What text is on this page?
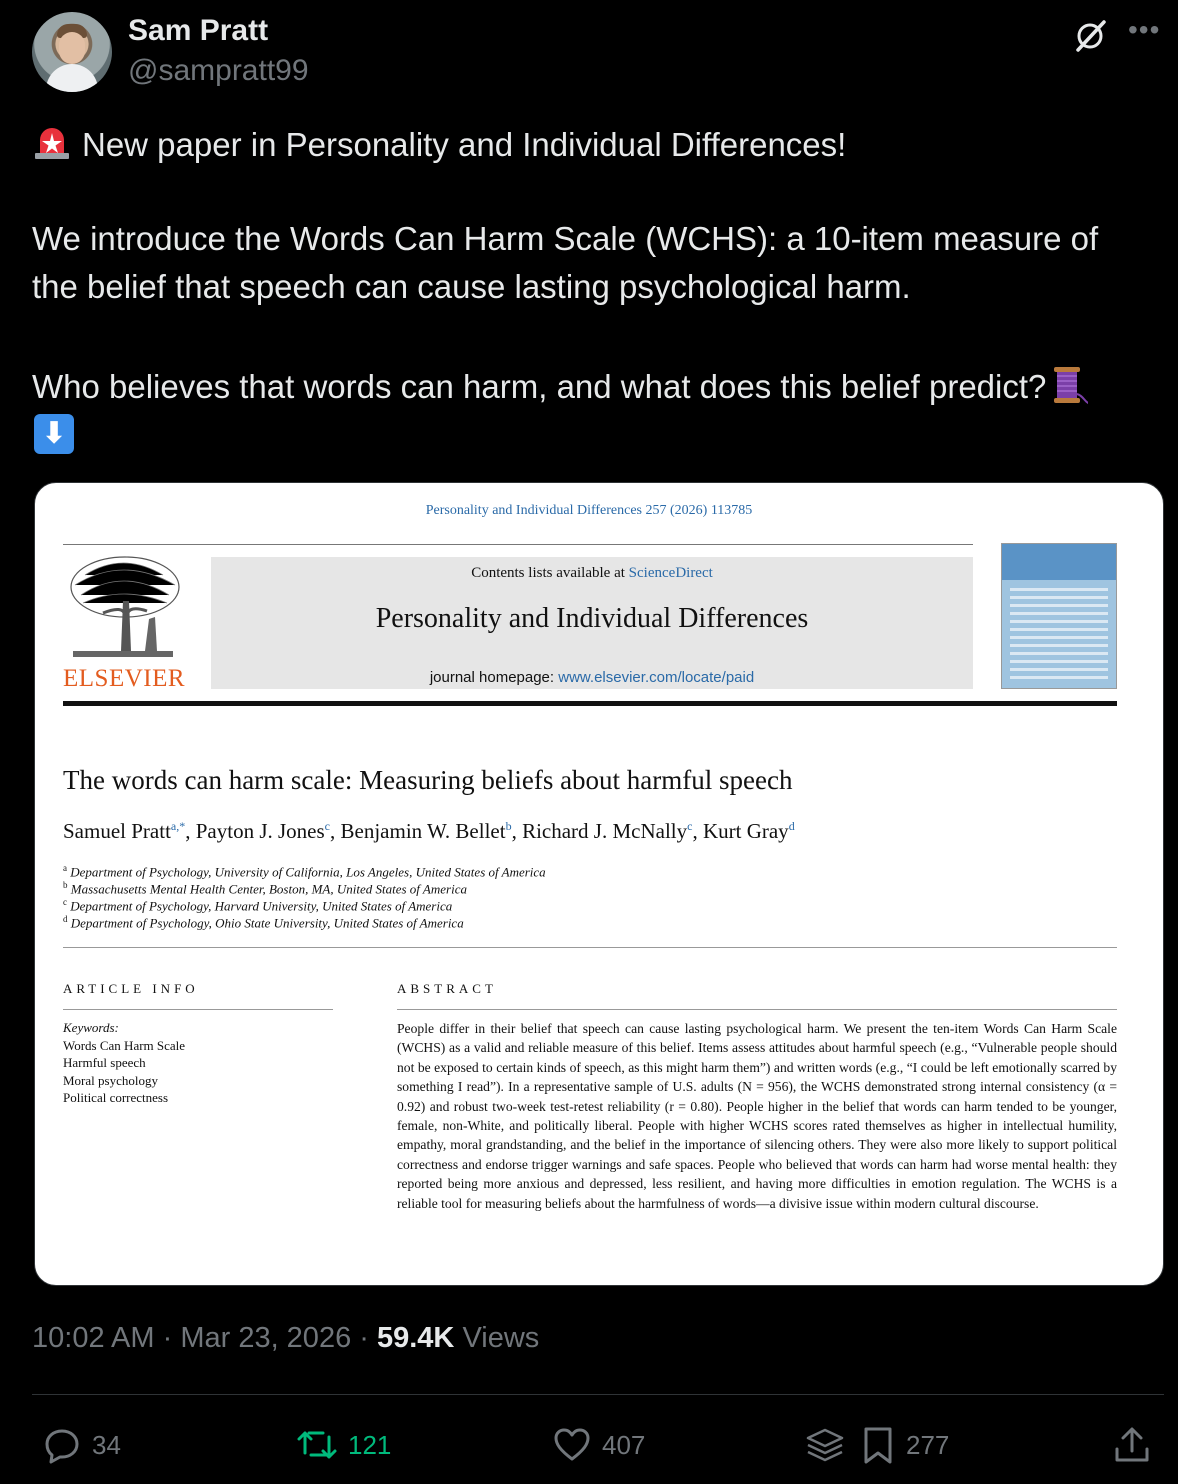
Sam Pratt
@sampratt99
•••
New paper in Personality and Individual Differences!
We introduce the Words Can Harm Scale (WCHS): a 10-item measure of
the belief that speech can cause lasting psychological harm.
Who believes that words can harm, and what does this belief predict?
⬇
Personality and Individual Differences 257 (2026) 113785
ELSEVIER
Contents lists available at ScienceDirect
Personality and Individual Differences
journal homepage: www.elsevier.com/locate/paid
The words can harm scale: Measuring beliefs about harmful speech
Samuel Pratt$^{a,*}$, Payton J. Jones$^c$, Benjamin W. Bellet$^b$, Richard J. McNally$^c$, Kurt Gray$^d$
$^a$ Department of Psychology, University of California, Los Angeles, United States of America
$^b$ Massachusetts Mental Health Center, Boston, MA, United States of America
$^c$ Department of Psychology, Harvard University, United States of America
$^d$ Department of Psychology, Ohio State University, United States of America
ARTICLE INFO	ABSTRACT
Keywords:
Words Can Harm Scale
Harmful speech
Moral psychology
Political correctness
People differ in their belief that speech can cause lasting psychological harm. We present the ten-item Words Can Harm Scale (WCHS) as a valid and reliable measure of this belief. Items assess attitudes about harmful speech (e.g., “Vulnerable people should not be exposed to certain kinds of speech, as this might harm them”) and written words (e.g., “I could be left emotionally scarred by something I read”). In a representative sample of U.S. adults (N = 956), the WCHS demonstrated strong internal consistency (α = 0.92) and robust two-week test-retest reliability (r = 0.80). People higher in the belief that words can harm tended to be younger, female, non-White, and politically liberal. People with higher WCHS scores rated themselves as higher in intellectual humility, empathy, moral grandstanding, and the belief in the importance of silencing others. They were also more likely to support political correctness and endorse trigger warnings and safe spaces. People who believed that words can harm had worse mental health: they reported being more anxious and depressed, less resilient, and having more difficulties in emotion regulation. The WCHS is a reliable tool for measuring beliefs about the harmfulness of words—a divisive issue within modern cultural discourse.
10:02 AM · Mar 23, 2026 · 59.4K Views
34	121	407	277
